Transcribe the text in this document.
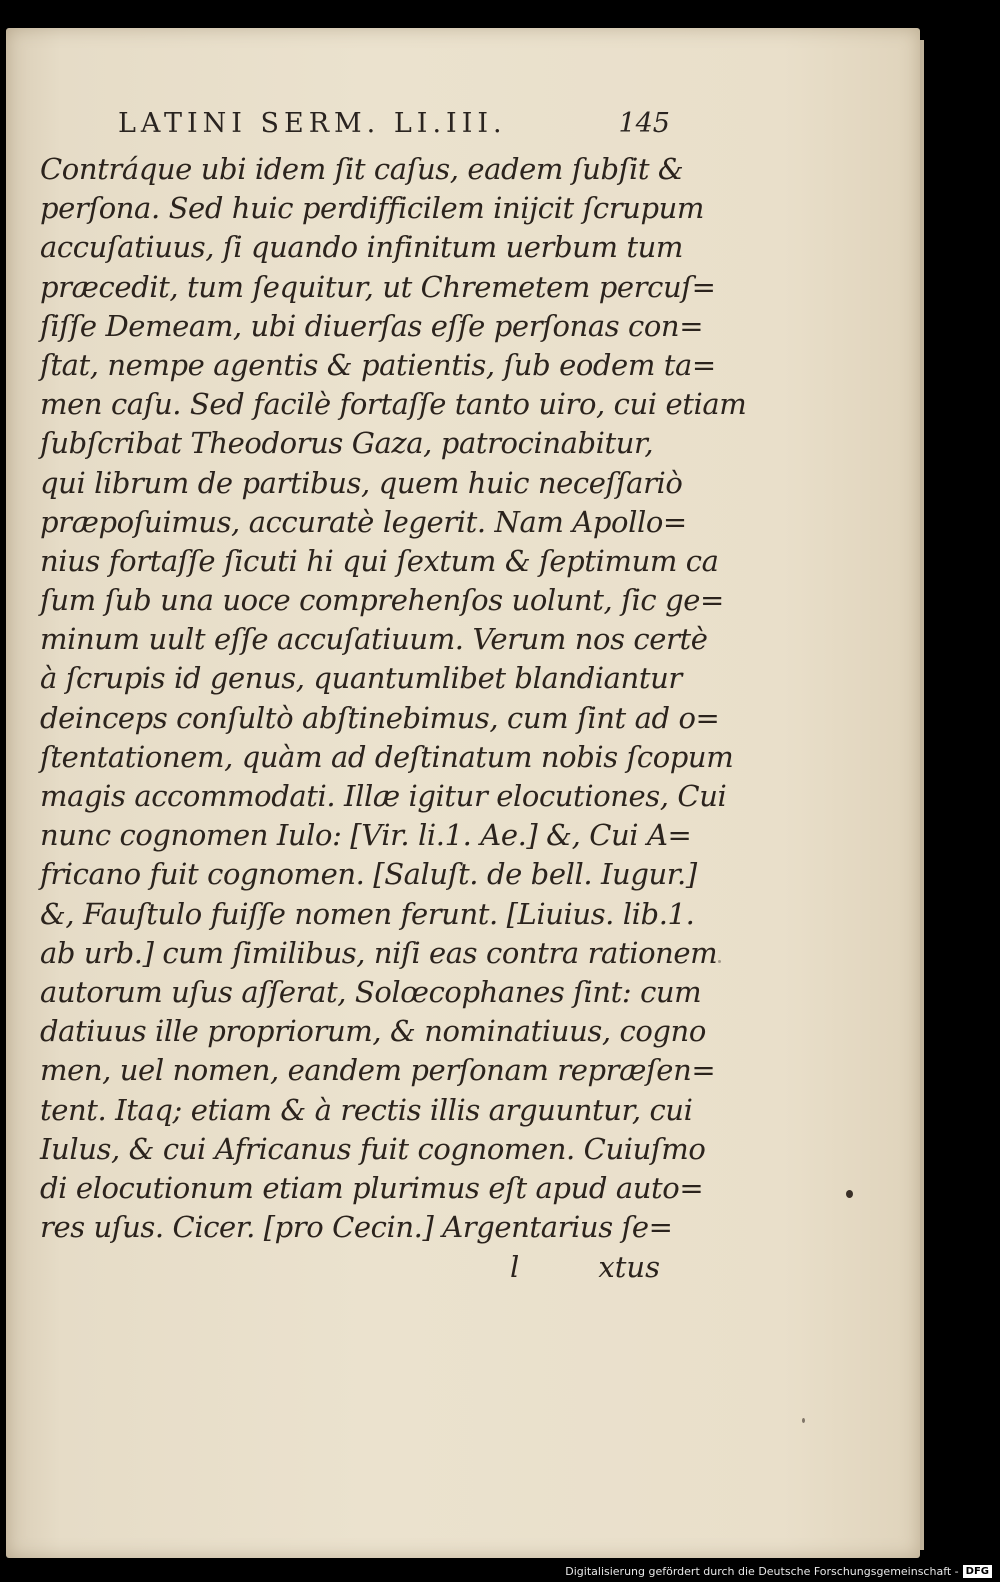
LATINI SERM. LI.III.	145
Contráque ubi idem ſit caſus, eadem ſubſit &
perſona. Sed huic perdifficilem inijcit ſcrupum
accuſatiuus, ſi quando infinitum uerbum tum
præcedit, tum ſequitur, ut Chremetem percuſ=
ſiſſe Demeam, ubi diuerſas eſſe perſonas con=
ſtat, nempe agentis & patientis, ſub eodem ta=
men caſu. Sed facilè fortaſſe tanto uiro, cui etiam
ſubſcribat Theodorus Gaza, patrocinabitur,
qui librum de partibus, quem huic neceſſariò
præpoſuimus, accuratè legerit. Nam Apollo=
nius fortaſſe ſicuti hi qui ſextum & ſeptimum ca
ſum ſub una uoce comprehenſos uolunt, ſic ge=
minum uult eſſe accuſatiuum. Verum nos certè
à ſcrupis id genus, quantumlibet blandiantur
deinceps conſultò abſtinebimus, cum ſint ad o=
ſtentationem, quàm ad deſtinatum nobis ſcopum
magis accommodati. Illæ igitur elocutiones, Cui
nunc cognomen Iulo: [Vir. li.1. Ae.] &, Cui A=
fricano fuit cognomen. [Saluſt. de bell. Iugur.]
&, Fauſtulo fuiſſe nomen ferunt. [Liuius. lib.1.
ab urb.] cum ſimilibus, niſi eas contra rationem
autorum uſus aſſerat, Solœcophanes ſint: cum
datiuus ille propriorum, & nominatiuus, cogno
men, uel nomen, eandem perſonam repræſen=
tent. Itaq; etiam & à rectis illis arguuntur, cui
Iulus, & cui Africanus fuit cognomen. Cuiuſmo
di elocutionum etiam plurimus eſt apud auto=
res uſus. Cicer. [pro Cecin.] Argentarius ſe=
l	xtus
Digitalisierung gefördert durch die Deutsche Forschungsgemeinschaft - DFG
